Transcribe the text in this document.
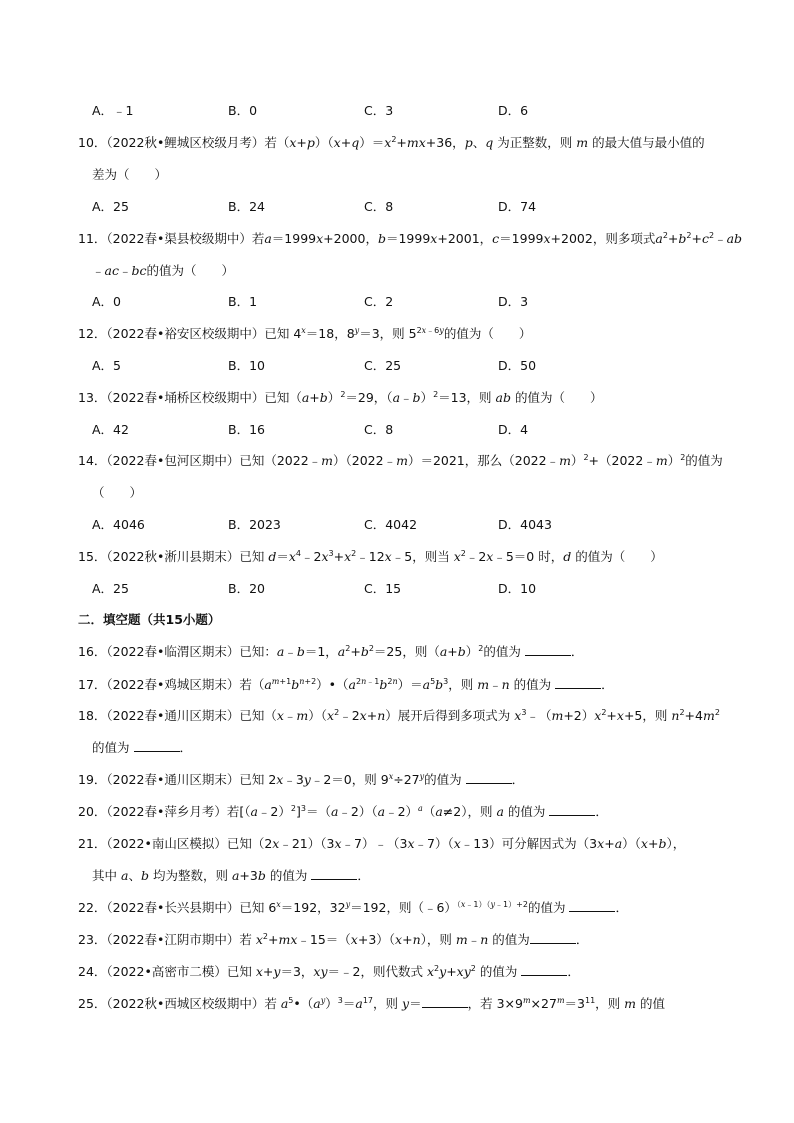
A．﹣1	B．0	C．3	D．6
10．（2022秋•鲤城区校级月考）若$(x+p)(x+q)=x^2+mx+36$，p、q 为正整数，则 m 的最大值与最小值的
差为（　　）
A．25	B．24	C．8	D．74
11．（2022春•渠县校级期中）若a＝1999x+2000，b＝1999x+2001，c＝1999x+2002，则多项式$a^2+b^2+c^2﹣ab$
﹣ac﹣bc的值为（　　）
A．0	B．1	C．2	D．3
12．（2022春•裕安区校级期中）已知 $4^x=18$，$8^y=3$，则 $5^{2x﹣6y}$的值为（　　）
A．5	B．10	C．25	D．50
13．（2022春•埇桥区校级期中）已知$(a+b)^2=29$，（a﹣b）$^2$＝13，则 ab 的值为（　　）
A．42	B．16	C．8	D．4
14．（2022春•包河区期中）已知（2022﹣m）（2022﹣m）＝2021，那么（2022﹣m）$^2$+（2022﹣m）$^2$的值为
（　　）
A．4046	B．2023	C．4042	D．4043
15．（2022秋•淅川县期末）已知 $d=x^4﹣2x^3+x^2﹣12x﹣5$，则当 $x^2﹣2x﹣5=0$ 时，d 的值为（　　）
A．25	B．20	C．15	D．10
二．填空题（共15小题）
16．（2022春•临渭区期末）已知：a﹣b＝1，$a^2+b^2=25$，则$(a+b)^2$的值为	．
17．（2022春•鸡城区期末）若$(a^{m+1}b^{n+2})•(a^{2n﹣1}b^{2n})=a^5b^3$，则 m﹣n 的值为	．
18．（2022春•通川区期末）已知$(x﹣m)(x^2﹣2x+n)$展开后得到多项式为 $x^3﹣(m+2)x^2+x+5$，则 $n^2+4m^2$
的值为	．
19．（2022春•通川区期末）已知 2x﹣3y﹣2＝0，则 $9^x\div 27^y$的值为	．
20．（2022春•萍乡月考）若[（a﹣2）$^2$]$^3$＝（a﹣2）（a﹣2）$^a$（a≠2），则 a 的值为	．
21．（2022•南山区模拟）已知（2x﹣21）（3x﹣7）﹣（3x﹣7）（x﹣13）可分解因式为（3x+a）（x+b），
其中 a、b 均为整数，则 a+3b 的值为	．
22．（2022春•长兴县期中）已知 $6^x=192$，$32^y=192$，则（﹣6）$^{(x﹣1)(y﹣1)+2}$的值为	．
23．（2022春•江阴市期中）若 $x^2+mx﹣15=(x+3)(x+n)$，则 m﹣n 的值为	．
24．（2022•高密市二模）已知 x+y＝3，xy＝﹣2，则代数式 $x^2y+xy^2$ 的值为	．
25．（2022秋•西城区校级期中）若 $a^5•(a^y)^3=a^{17}$，则 y＝	，若 $3\times 9^m\times 27^m=3^{11}$，则 m 的值
